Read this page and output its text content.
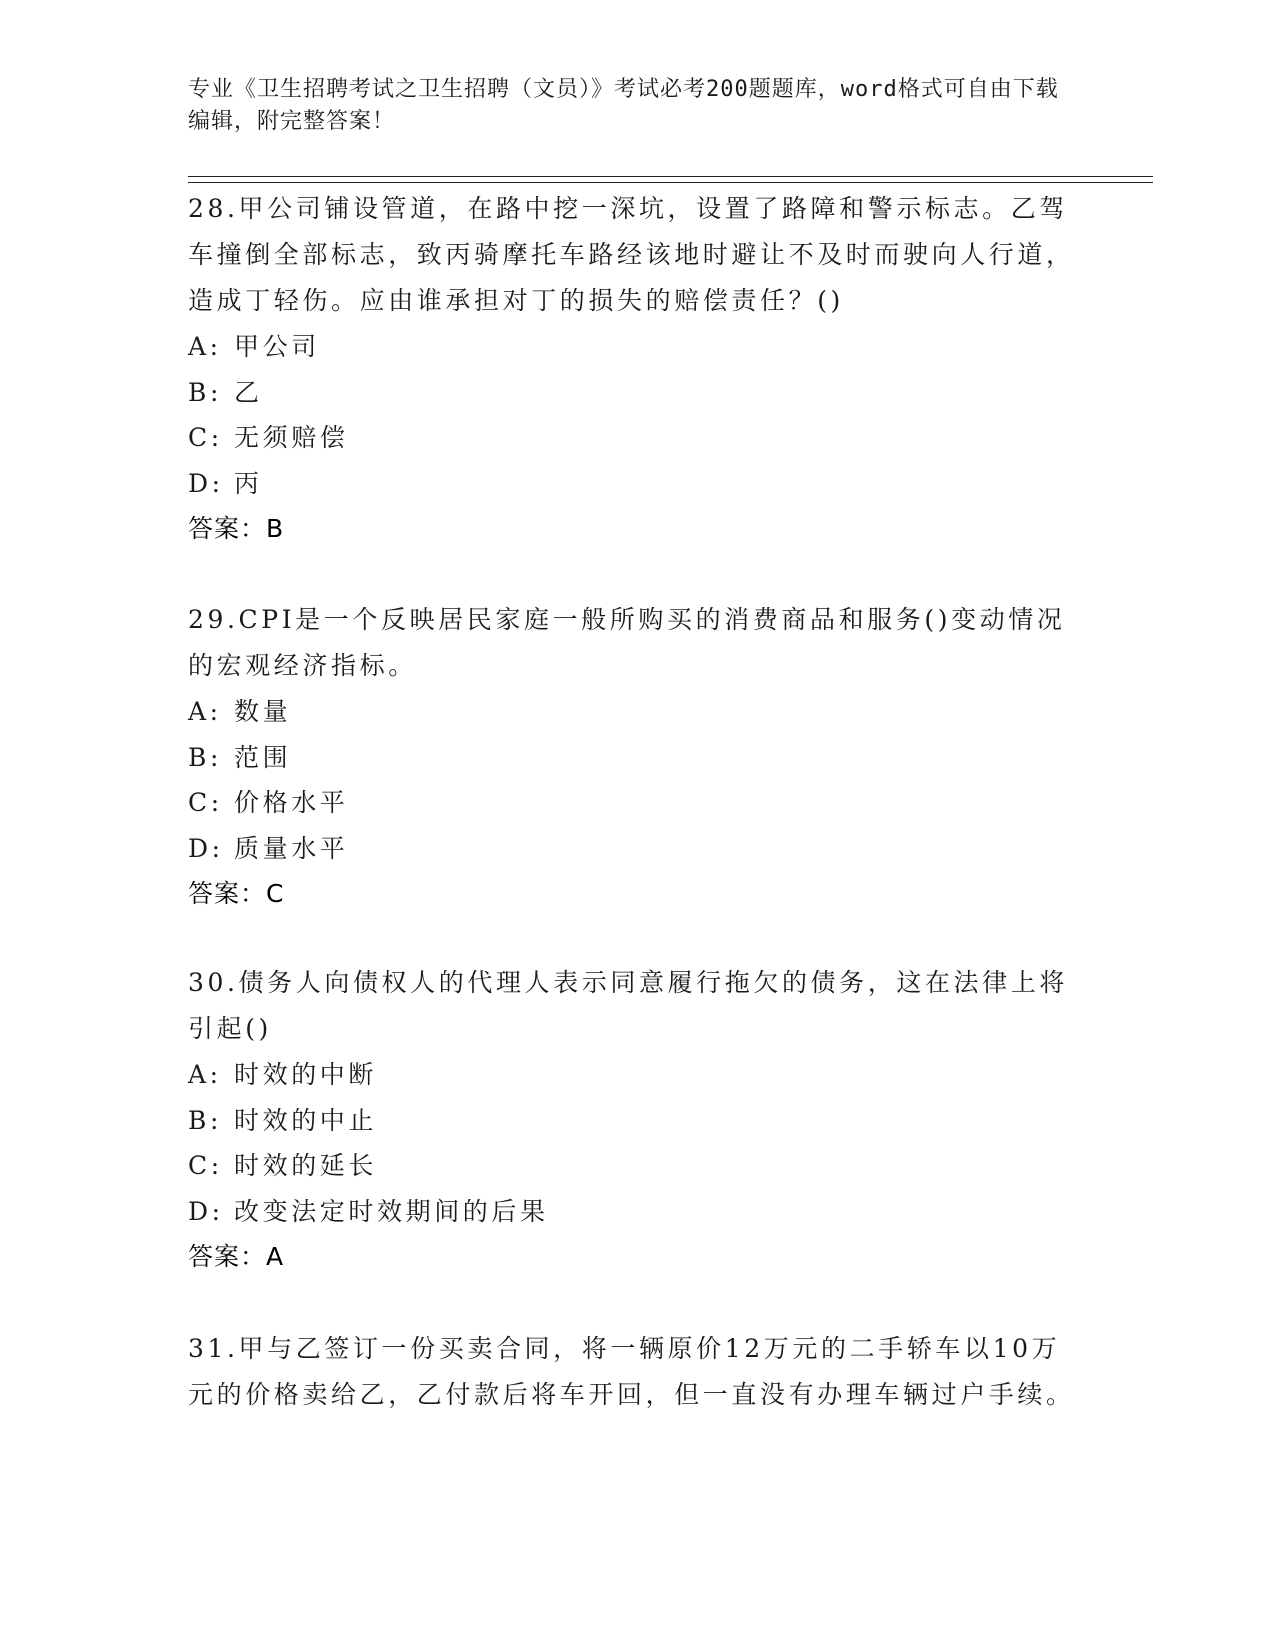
专业《卫生招聘考试之卫生招聘（文员）》考试必考200题题库，word格式可自由下载编辑，附完整答案！

28.甲公司铺设管道，在路中挖一深坑，设置了路障和警示标志。乙驾车撞倒全部标志，致丙骑摩托车路经该地时避让不及时而驶向人行道，造成丁轻伤。应由谁承担对丁的损失的赔偿责任？()

A: 甲公司
B: 乙
C: 无须赔偿
D: 丙
答案：B

29.CPI是一个反映居民家庭一般所购买的消费商品和服务()变动情况的宏观经济指标。

A: 数量
B: 范围
C: 价格水平
D: 质量水平
答案：C

30.债务人向债权人的代理人表示同意履行拖欠的债务，这在法律上将引起()

A: 时效的中断
B: 时效的中止
C: 时效的延长
D: 改变法定时效期间的后果
答案：A

31.甲与乙签订一份买卖合同，将一辆原价12万元的二手轿车以10万元的价格卖给乙，乙付款后将车开回，但一直没有办理车辆过户手续。
